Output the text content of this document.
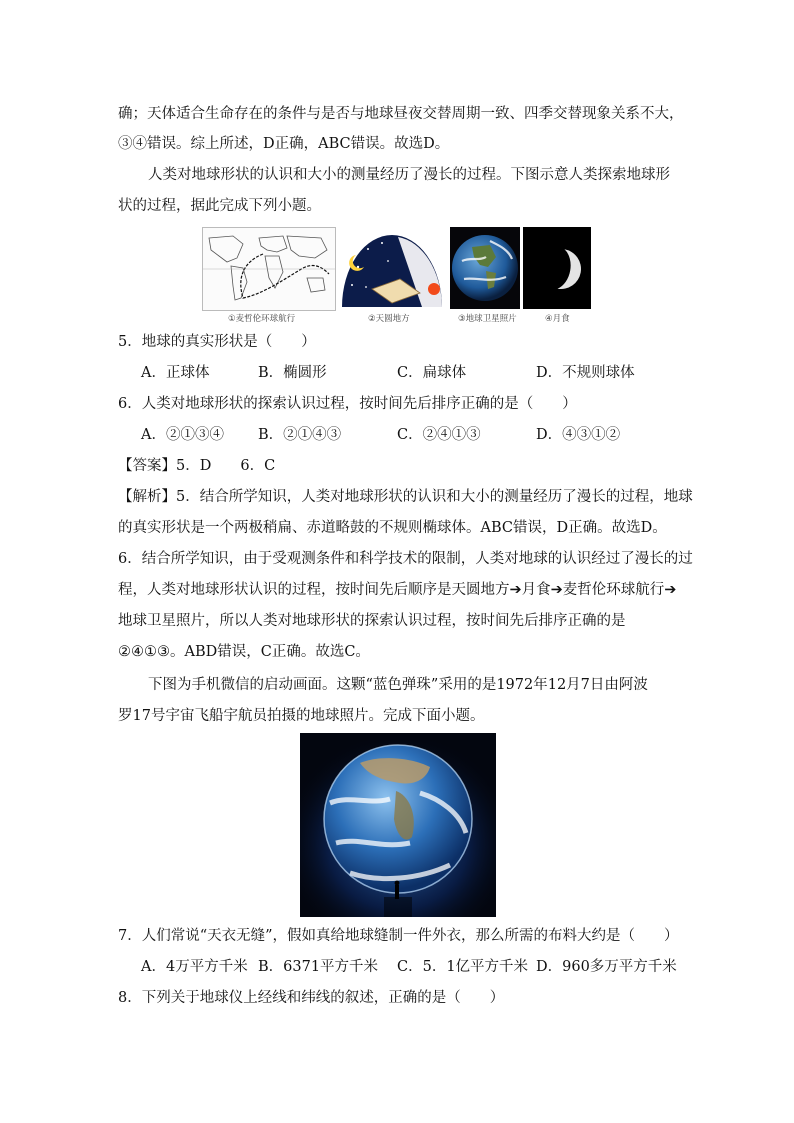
确；天体适合生命存在的条件与是否与地球昼夜交替周期一致、四季交替现象关系不大，
③④错误。综上所述，D正确，ABC错误。故选D。
人类对地球形状的认识和大小的测量经历了漫长的过程。下图示意人类探索地球形
状的过程，据此完成下列小题。
①麦哲伦环球航行	②天圆地方	③地球卫星照片	④月食
5．地球的真实形状是（　　）
A．正球体	B．椭圆形	C．扁球体	D．不规则球体
6．人类对地球形状的探索认识过程，按时间先后排序正确的是（　　）
A．②①③④ B．②①④③	C．②④①③	D．④③①②
【答案】5．D　　6．C
【解析】5．结合所学知识，人类对地球形状的认识和大小的测量经历了漫长的过程，地球
的真实形状是一个两极稍扁、赤道略鼓的不规则椭球体。ABC错误，D正确。故选D。
6．结合所学知识，由于受观测条件和科学技术的限制，人类对地球的认识经过了漫长的过
程，人类对地球形状认识的过程，按时间先后顺序是天圆地方➔月食➔麦哲伦环球航行➔
地球卫星照片，所以人类对地球形状的探索认识过程，按时间先后排序正确的是
②④①③。ABD错误，C正确。故选C。
下图为手机微信的启动画面。这颗“蓝色弹珠”采用的是1972年12月7日由阿波
罗17号宇宙飞船宇航员拍摄的地球照片。完成下面小题。
7．人们常说“天衣无缝”，假如真给地球缝制一件外衣，那么所需的布料大约是（　　）
A．4万平方千米 B．6371平方千米 C．5．1亿平方千米 D．960多万平方千米
8．下列关于地球仪上经线和纬线的叙述，正确的是（　　）
